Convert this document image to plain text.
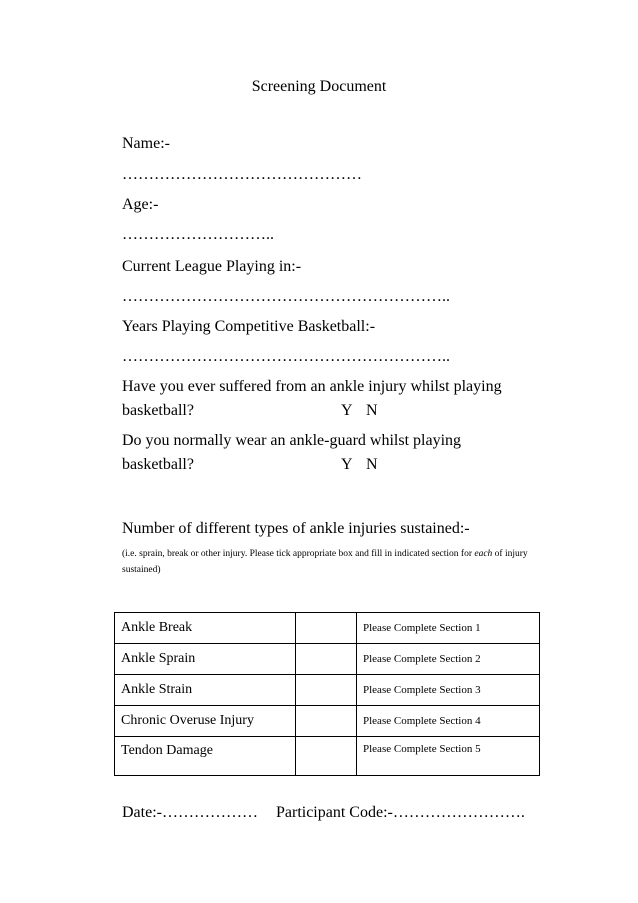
Screening Document
Name:-
………………………………………
Age:-
………………………..
Current League Playing in:-
……………………………………………………..
Years Playing Competitive Basketball:-
……………………………………………………..
Have you ever suffered from an ankle injury whilst playing
basketball?	Y N
Do you normally wear an ankle-guard whilst playing
basketball?	Y N
Number of different types of ankle injuries sustained:-
(i.e. sprain, break or other injury. Please tick appropriate box and fill in indicated section for each of injury sustained)
Ankle Break		Please Complete Section 1
Ankle Sprain		Please Complete Section 2
Ankle Strain		Please Complete Section 3
Chronic Overuse Injury		Please Complete Section 4
Tendon Damage		Please Complete Section 5
Date:-……………… Participant Code:-…………………….
